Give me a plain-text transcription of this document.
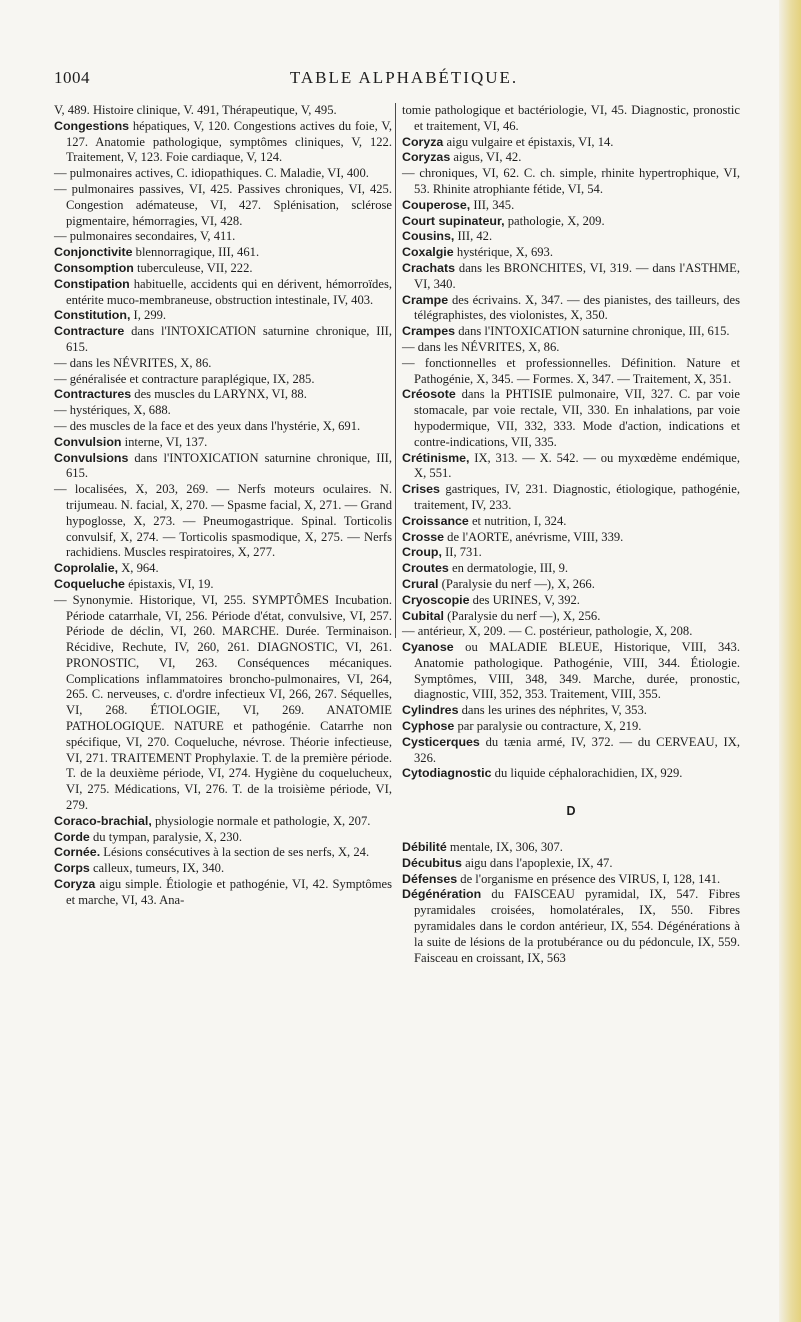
1004	TABLE ALPHABÉTIQUE.

V, 489. Histoire clinique, V. 491, Thérapeutique, V, 495.

Congestions hépatiques, V, 120. Congestions actives du foie, V, 127. Anatomie pathologique, symptômes cliniques, V, 122. Traitement, V, 123. Foie cardiaque, V, 124.

— pulmonaires actives, C. idiopathiques. C. Maladie, VI, 400.

— pulmonaires passives, VI, 425. Passives chroniques, VI, 425. Congestion adémateuse, VI, 427. Splénisation, sclérose pigmentaire, hémorragies, VI, 428.

— pulmonaires secondaires, V, 411.

Conjonctivite blennorragique, III, 461.

Consomption tuberculeuse, VII, 222.

Constipation habituelle, accidents qui en dérivent, hémorroïdes, entérite muco-membraneuse, obstruction intestinale, IV, 403.

Constitution, I, 299.

Contracture dans l'INTOXICATION saturnine chronique, III, 615.

— dans les NÉVRITES, X, 86.

— généralisée et contracture paraplégique, IX, 285.

Contractures des muscles du LARYNX, VI, 88.

— hystériques, X, 688.

— des muscles de la face et des yeux dans l'hystérie, X, 691.

Convulsion interne, VI, 137.

Convulsions dans l'INTOXICATION saturnine chronique, III, 615.

— localisées, X, 203, 269. — Nerfs moteurs oculaires. N. trijumeau. N. facial, X, 270. — Spasme facial, X, 271. — Grand hypoglosse, X, 273. — Pneumogastrique. Spinal. Torticolis convulsif, X, 274. — Torticolis spasmodique, X, 275. — Nerfs rachidiens. Muscles respiratoires, X, 277.

Coprolalie, X, 964.

Coqueluche épistaxis, VI, 19.

— Synonymie. Historique, VI, 255. SYMPTÔMES Incubation. Période catarrhale, VI, 256. Période d'état, convulsive, VI, 257. Période de déclin, VI, 260. MARCHE. Durée. Terminaison. Récidive, Rechute, IV, 260, 261. DIAGNOSTIC, VI, 261. PRONOSTIC, VI, 263. Conséquences mécaniques. Complications inflammatoires broncho-pulmonaires, VI, 264, 265. C. nerveuses, c. d'ordre infectieux VI, 266, 267. Séquelles, VI, 268. ÉTIOLOGIE, VI, 269. ANATOMIE PATHOLOGIQUE. NATURE et pathogénie. Catarrhe non spécifique, VI, 270. Coqueluche, névrose. Théorie infectieuse, VI, 271. TRAITEMENT Prophylaxie. T. de la première période. T. de la deuxième période, VI, 274. Hygiène du coquelucheux, VI, 275. Médications, VI, 276. T. de la troisième période, VI, 279.

Coraco-brachial, physiologie normale et pathologie, X, 207.

Corde du tympan, paralysie, X, 230.

Cornée. Lésions consécutives à la section de ses nerfs, X, 24.

Corps calleux, tumeurs, IX, 340.

Coryza aigu simple. Étiologie et pathogénie, VI, 42. Symptômes et marche, VI, 43. Ana-

tomie pathologique et bactériologie, VI, 45. Diagnostic, pronostic et traitement, VI, 46.

Coryza aigu vulgaire et épistaxis, VI, 14.

Coryzas aigus, VI, 42.

— chroniques, VI, 62. C. ch. simple, rhinite hypertrophique, VI, 53. Rhinite atrophiante fétide, VI, 54.

Couperose, III, 345.

Court supinateur, pathologie, X, 209.

Cousins, III, 42.

Coxalgie hystérique, X, 693.

Crachats dans les BRONCHITES, VI, 319. — dans l'ASTHME, VI, 340.

Crampe des écrivains. X, 347. — des pianistes, des tailleurs, des télégraphistes, des violonistes, X, 350.

Crampes dans l'INTOXICATION saturnine chronique, III, 615.

— dans les NÉVRITES, X, 86.

— fonctionnelles et professionnelles. Définition. Nature et Pathogénie, X, 345. — Formes. X, 347. — Traitement, X, 351.

Créosote dans la PHTISIE pulmonaire, VII, 327. C. par voie stomacale, par voie rectale, VII, 330. En inhalations, par voie hypodermique, VII, 332, 333. Mode d'action, indications et contre-indications, VII, 335.

Crétinisme, IX, 313. — X. 542. — ou myxœdème endémique, X, 551.

Crises gastriques, IV, 231. Diagnostic, étiologique, pathogénie, traitement, IV, 233.

Croissance et nutrition, I, 324.

Crosse de l'AORTE, anévrisme, VIII, 339.

Croup, II, 731.

Croutes en dermatologie, III, 9.

Crural (Paralysie du nerf —), X, 266.

Cryoscopie des URINES, V, 392.

Cubital (Paralysie du nerf —), X, 256.

— antérieur, X, 209. — C. postérieur, pathologie, X, 208.

Cyanose ou MALADIE BLEUE, Historique, VIII, 343. Anatomie pathologique. Pathogénie, VIII, 344. Étiologie. Symptômes, VIII, 348, 349. Marche, durée, pronostic, diagnostic, VIII, 352, 353. Traitement, VIII, 355.

Cylindres dans les urines des néphrites, V, 353.

Cyphose par paralysie ou contracture, X, 219.

Cysticerques du tænia armé, IV, 372. — du CERVEAU, IX, 326.

Cytodiagnostic du liquide céphalorachidien, IX, 929.

D

Débilité mentale, IX, 306, 307.

Décubitus aigu dans l'apoplexie, IX, 47.

Défenses de l'organisme en présence des VIRUS, I, 128, 141.

Dégénération du FAISCEAU pyramidal, IX, 547. Fibres pyramidales croisées, homolatérales, IX, 550. Fibres pyramidales dans le cordon antérieur, IX, 554. Dégénérations à la suite de lésions de la protubérance ou du pédoncule, IX, 559. Faisceau en croissant, IX, 563
